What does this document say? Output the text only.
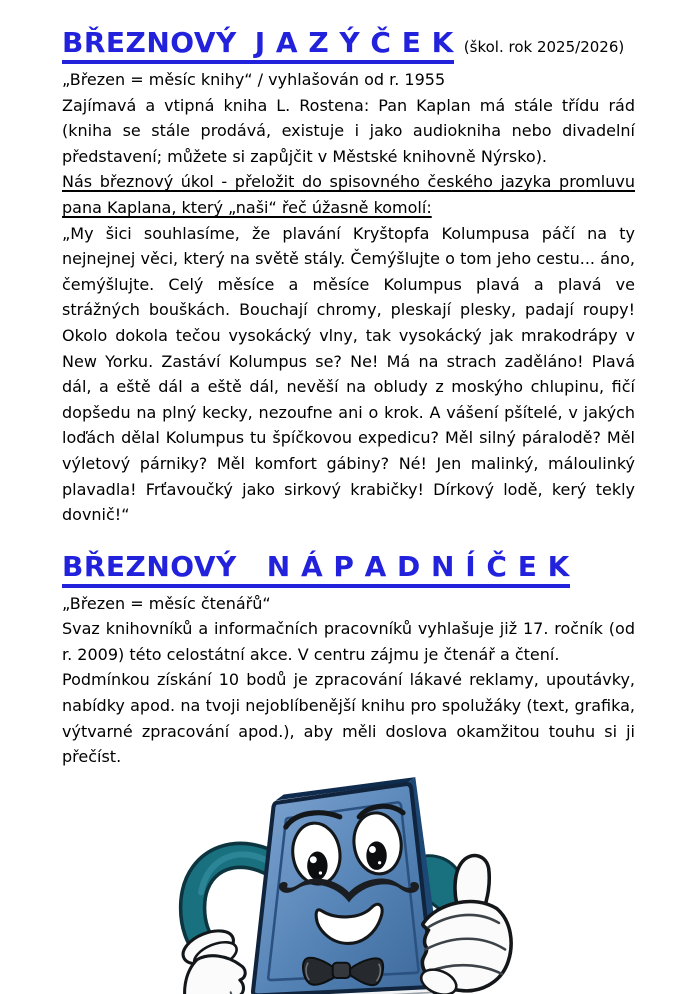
BŘEZNOVÝ J A Z Ý Č E K (škol. rok 2025/2026)

„Březen = měsíc knihy“ / vyhlašován od r. 1955

Zajímavá a vtipná kniha L. Rostena: Pan Kaplan má stále třídu rád (kniha se stále prodává, existuje i jako audiokniha nebo divadelní představení; můžete si zapůjčit v Městské knihovně Nýrsko).

Nás březnový úkol - přeložit do spisovného českého jazyka promluvu pana Kaplana, který „naši“ řeč úžasně komolí:

„My šici souhlasíme, že plavání Kryštopfa Kolumpusa páčí na ty nejnejnej věci, který na světě stály. Čemýšlujte o tom jeho cestu... áno, čemýšlujte. Celý měsíce a měsíce Kolumpus plavá a plavá ve strážných bouškách. Bouchají chromy, pleskají plesky, padají roupy! Okolo dokola tečou vysokácký vlny, tak vysokácký jak mrakodrápy v New Yorku. Zastáví Kolumpus se? Ne! Má na strach zaděláno! Plavá dál, a eště dál a eště dál, nevěší na obludy z moskýho chlupinu, fičí dopšedu na plný kecky, nezoufne ani o krok. A vášení pšítelé, v jakých loďách dělal Kolumpus tu špíčkovou expedicu? Měl silný páralodě? Měl výletový párniky? Měl komfort gábiny? Né! Jen malinký, máloulinký plavadla! Frťavoučký jako sirkový krabičky! Dírkový lodě, kerý tekly dovnič!“

BŘEZNOVÝ N Á P A D N Í Č E K

„Březen = měsíc čtenářů“

Svaz knihovníků a informačních pracovníků vyhlašuje již 17. ročník (od r. 2009) této celostátní akce. V centru zájmu je čtenář a čtení.

Podmínkou získání 10 bodů je zpracování lákavé reklamy, upoutávky, nabídky apod. na tvoji nejoblíbenější knihu pro spolužáky (text, grafika, výtvarné zpracování apod.), aby měli doslova okamžitou touhu si ji přečíst.
